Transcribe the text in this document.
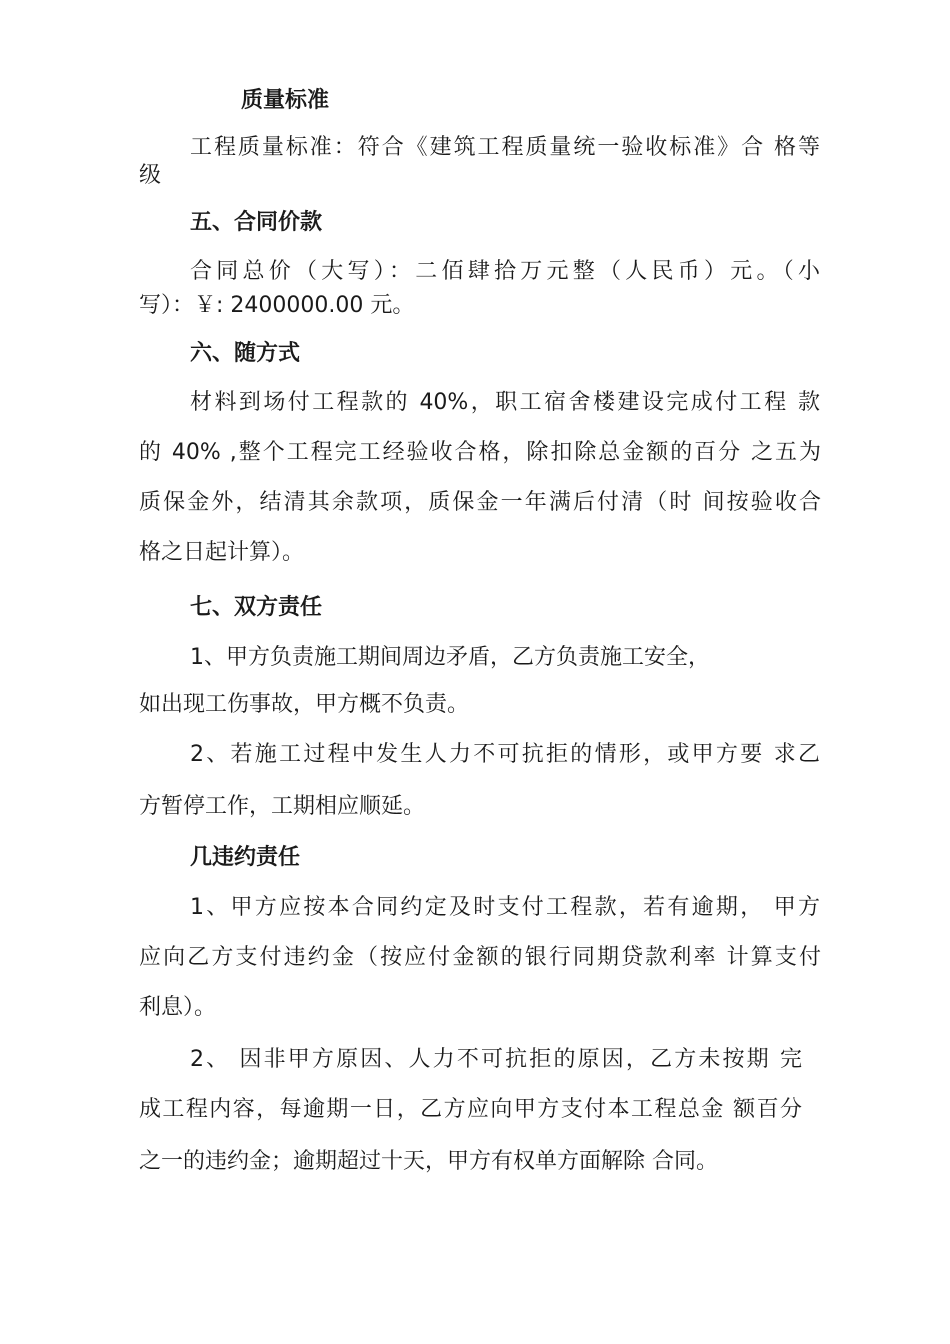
质量标准
工程质量标准：符合《建筑工程质量统一验收标准》合 格等
级
五、合同价款
合同总价（大写）：二佰肆拾万元整（人民币）元。（小
写）：￥: 2400000.00 元。
六、随方式
材料到场付工程款的 40%，职工宿舍楼建设完成付工程 款
的 40% ,整个工程完工经验收合格，除扣除总金额的百分 之五为
质保金外，结清其余款项，质保金一年满后付清（时 间按验收合
格之日起计算）。
七、双方责任
1、甲方负责施工期间周边矛盾，乙方负责施工安全，
如出现工伤事故，甲方概不负责。
2、若施工过程中发生人力不可抗拒的情形，或甲方要 求乙
方暂停工作，工期相应顺延。
几违约责任
1、甲方应按本合同约定及时支付工程款，若有逾期， 甲方
应向乙方支付违约金（按应付金额的银行同期贷款利率 计算支付
利息）。
2、 因非甲方原因、人力不可抗拒的原因，乙方未按期 完
成工程内容，每逾期一日，乙方应向甲方支付本工程总金 额百分
之一的违约金；逾期超过十天，甲方有权单方面解除 合同。
